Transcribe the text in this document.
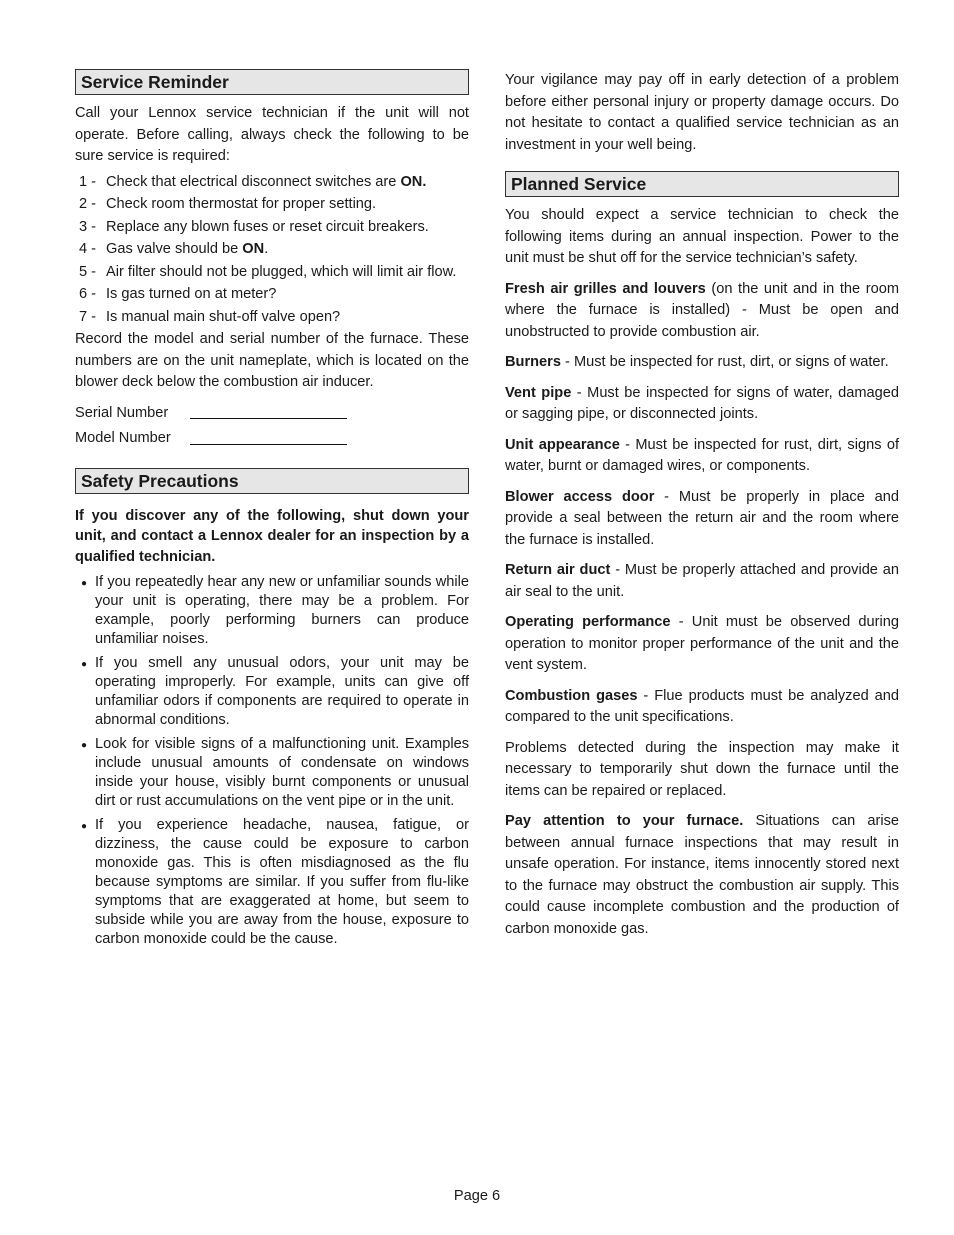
Service Reminder

Call your Lennox service technician if the unit will not operate. Before calling, always check the following to be sure service is required:

1 - Check that electrical disconnect switches are ON.
2 - Check room thermostat for proper setting.
3 - Replace any blown fuses or reset circuit breakers.
4 - Gas valve should be ON.
5 - Air filter should not be plugged, which will limit air flow.
6 - Is gas turned on at meter?
7 - Is manual main shut-off valve open?

Record the model and serial number of the furnace. These numbers are on the unit nameplate, which is located on the blower deck below the combustion air inducer.

Serial Number
Model Number
Safety Precautions
If you discover any of the following, shut down your unit, and contact a Lennox dealer for an inspection by a qualified technician.
● If you repeatedly hear any new or unfamiliar sounds while your unit is operating, there may be a problem. For example, poorly performing burners can produce unfamiliar noises.
● If you smell any unusual odors, your unit may be operating improperly. For example, units can give off unfamiliar odors if components are required to operate in abnormal conditions.
● Look for visible signs of a malfunctioning unit. Examples include unusual amounts of condensate on windows inside your house, visibly burnt components or unusual dirt or rust accumulations on the vent pipe or in the unit.
● If you experience headache, nausea, fatigue, or dizziness, the cause could be exposure to carbon monoxide gas. This is often misdiagnosed as the flu because symptoms are similar. If you suffer from flu-like symptoms that are exaggerated at home, but seem to subside while you are away from the house, exposure to carbon monoxide could be the cause.

Your vigilance may pay off in early detection of a problem before either personal injury or property damage occurs. Do not hesitate to contact a qualified service technician as an investment in your well being.

Planned Service

You should expect a service technician to check the following items during an annual inspection. Power to the unit must be shut off for the service technician’s safety.

Fresh air grilles and louvers (on the unit and in the room where the furnace is installed) - Must be open and unobstructed to provide combustion air.

Burners - Must be inspected for rust, dirt, or signs of water.

Vent pipe - Must be inspected for signs of water, damaged or sagging pipe, or disconnected joints.

Unit appearance - Must be inspected for rust, dirt, signs of water, burnt or damaged wires, or components.

Blower access door - Must be properly in place and provide a seal between the return air and the room where the furnace is installed.

Return air duct - Must be properly attached and provide an air seal to the unit.

Operating performance - Unit must be observed during operation to monitor proper performance of the unit and the vent system.

Combustion gases - Flue products must be analyzed and compared to the unit specifications.

Problems detected during the inspection may make it necessary to temporarily shut down the furnace until the items can be repaired or replaced.

Pay attention to your furnace. Situations can arise between annual furnace inspections that may result in unsafe operation. For instance, items innocently stored next to the furnace may obstruct the combustion air supply. This could cause incomplete combustion and the production of carbon monoxide gas.

Page 6
